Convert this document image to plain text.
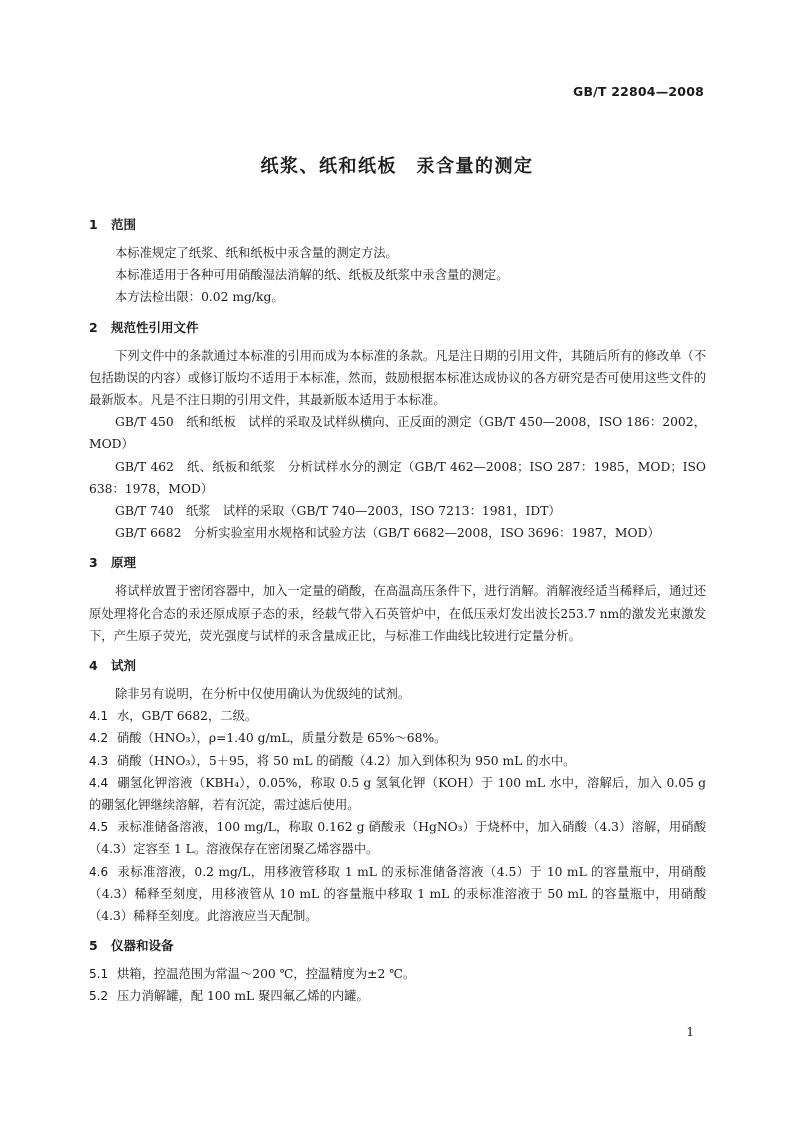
GB/T 22804—2008
纸浆、纸和纸板　汞含量的测定
1 范围

本标准规定了纸浆、纸和纸板中汞含量的测定方法。

本标准适用于各种可用硝酸湿法消解的纸、纸板及纸浆中汞含量的测定。

本方法检出限：0.02 mg/kg。

2 规范性引用文件

下列文件中的条款通过本标准的引用而成为本标准的条款。凡是注日期的引用文件，其随后所有的修改单（不包括勘误的内容）或修订版均不适用于本标准，然而，鼓励根据本标准达成协议的各方研究是否可使用这些文件的最新版本。凡是不注日期的引用文件，其最新版本适用于本标准。

GB/T 450　纸和纸板　试样的采取及试样纵横向、正反面的测定（GB/T 450—2008，ISO 186：2002，MOD）

GB/T 462　纸、纸板和纸浆　分析试样水分的测定（GB/T 462—2008；ISO 287：1985，MOD；ISO 638：1978，MOD）

GB/T 740　纸浆　试样的采取（GB/T 740—2003，ISO 7213：1981，IDT）

GB/T 6682　分析实验室用水规格和试验方法（GB/T 6682—2008，ISO 3696：1987，MOD）

3 原理

将试样放置于密闭容器中，加入一定量的硝酸，在高温高压条件下，进行消解。消解液经适当稀释后，通过还原处理将化合态的汞还原成原子态的汞，经载气带入石英管炉中，在低压汞灯发出波长253.7 nm的激发光束激发下，产生原子荧光，荧光强度与试样的汞含量成正比，与标准工作曲线比较进行定量分析。

4 试剂

除非另有说明，在分析中仅使用确认为优级纯的试剂。

4.1 水，GB/T 6682，二级。

4.2 硝酸（HNO₃），ρ=1.40 g/mL，质量分数是 65%～68%。

4.3 硝酸（HNO₃），5＋95，将 50 mL 的硝酸（4.2）加入到体积为 950 mL 的水中。

4.4 硼氢化钾溶液（KBH₄），0.05%，称取 0.5 g 氢氧化钾（KOH）于 100 mL 水中，溶解后，加入 0.05 g 的硼氢化钾继续溶解，若有沉淀，需过滤后使用。

4.5 汞标准储备溶液，100 mg/L，称取 0.162 g 硝酸汞（HgNO₃）于烧杯中，加入硝酸（4.3）溶解，用硝酸（4.3）定容至 1 L。溶液保存在密闭聚乙烯容器中。

4.6 汞标准溶液，0.2 mg/L，用移液管移取 1 mL 的汞标准储备溶液（4.5）于 10 mL 的容量瓶中，用硝酸（4.3）稀释至刻度，用移液管从 10 mL 的容量瓶中移取 1 mL 的汞标准溶液于 50 mL 的容量瓶中，用硝酸（4.3）稀释至刻度。此溶液应当天配制。

5 仪器和设备

5.1 烘箱，控温范围为常温～200 ℃，控温精度为±2 ℃。

5.2 压力消解罐，配 100 mL 聚四氟乙烯的内罐。

1
